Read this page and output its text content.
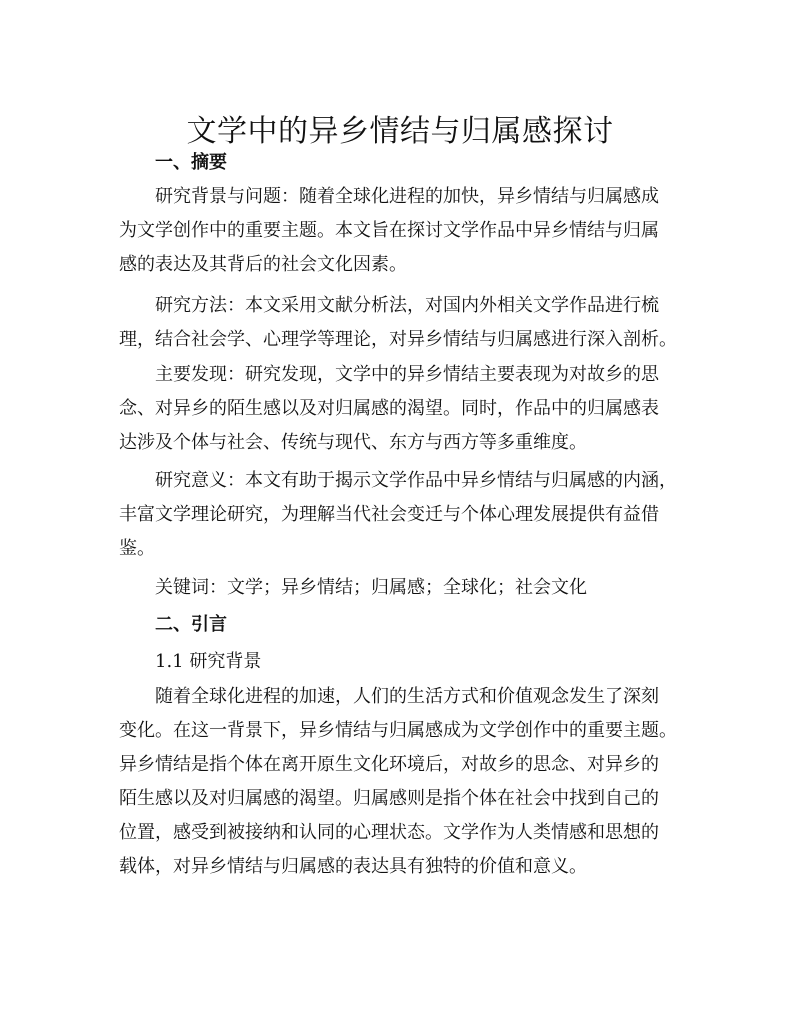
文学中的异乡情结与归属感探讨
一、摘要
研究背景与问题：随着全球化进程的加快，异乡情结与归属感成
为文学创作中的重要主题。本文旨在探讨文学作品中异乡情结与归属
感的表达及其背后的社会文化因素。
研究方法：本文采用文献分析法，对国内外相关文学作品进行梳
理，结合社会学、心理学等理论，对异乡情结与归属感进行深入剖析。
主要发现：研究发现，文学中的异乡情结主要表现为对故乡的思
念、对异乡的陌生感以及对归属感的渴望。同时，作品中的归属感表
达涉及个体与社会、传统与现代、东方与西方等多重维度。
研究意义：本文有助于揭示文学作品中异乡情结与归属感的内涵，
丰富文学理论研究，为理解当代社会变迁与个体心理发展提供有益借
鉴。
关键词：文学；异乡情结；归属感；全球化；社会文化
二、引言
1.1 研究背景
随着全球化进程的加速，人们的生活方式和价值观念发生了深刻
变化。在这一背景下，异乡情结与归属感成为文学创作中的重要主题。
异乡情结是指个体在离开原生文化环境后，对故乡的思念、对异乡的
陌生感以及对归属感的渴望。归属感则是指个体在社会中找到自己的
位置，感受到被接纳和认同的心理状态。文学作为人类情感和思想的
载体，对异乡情结与归属感的表达具有独特的价值和意义。
